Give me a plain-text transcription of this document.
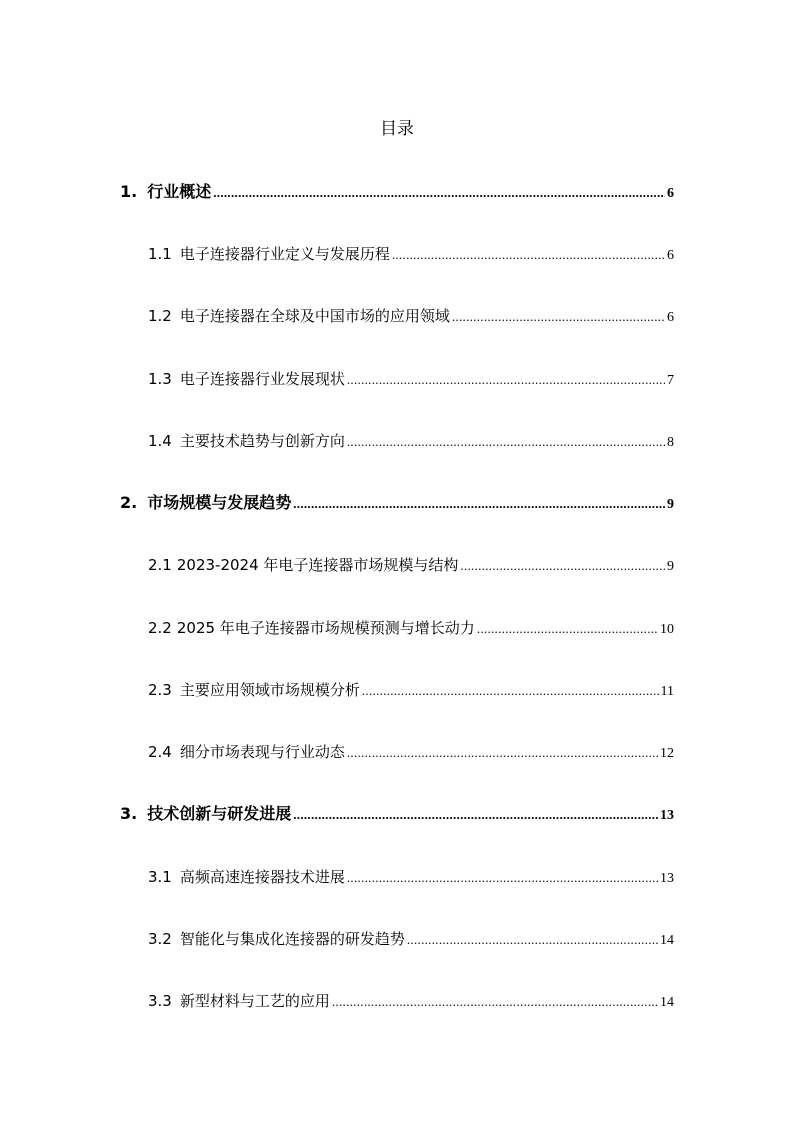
目录
1. 行业概述 .....	6
1.1 电子连接器行业定义与发展历程 .....	6
1.2 电子连接器在全球及中国市场的应用领域 .....	6
1.3 电子连接器行业发展现状 .....	7
1.4 主要技术趋势与创新方向 .....	8
2. 市场规模与发展趋势 .....	9
2.1 2023-2024 年电子连接器市场规模与结构 .....	9
2.2 2025 年电子连接器市场规模预测与增长动力 .....	10
2.3 主要应用领域市场规模分析 .....	11
2.4 细分市场表现与行业动态 .....	12
3. 技术创新与研发进展 .....	13
3.1 高频高速连接器技术进展 .....	13
3.2 智能化与集成化连接器的研发趋势 .....	14
3.3 新型材料与工艺的应用 .....	14
